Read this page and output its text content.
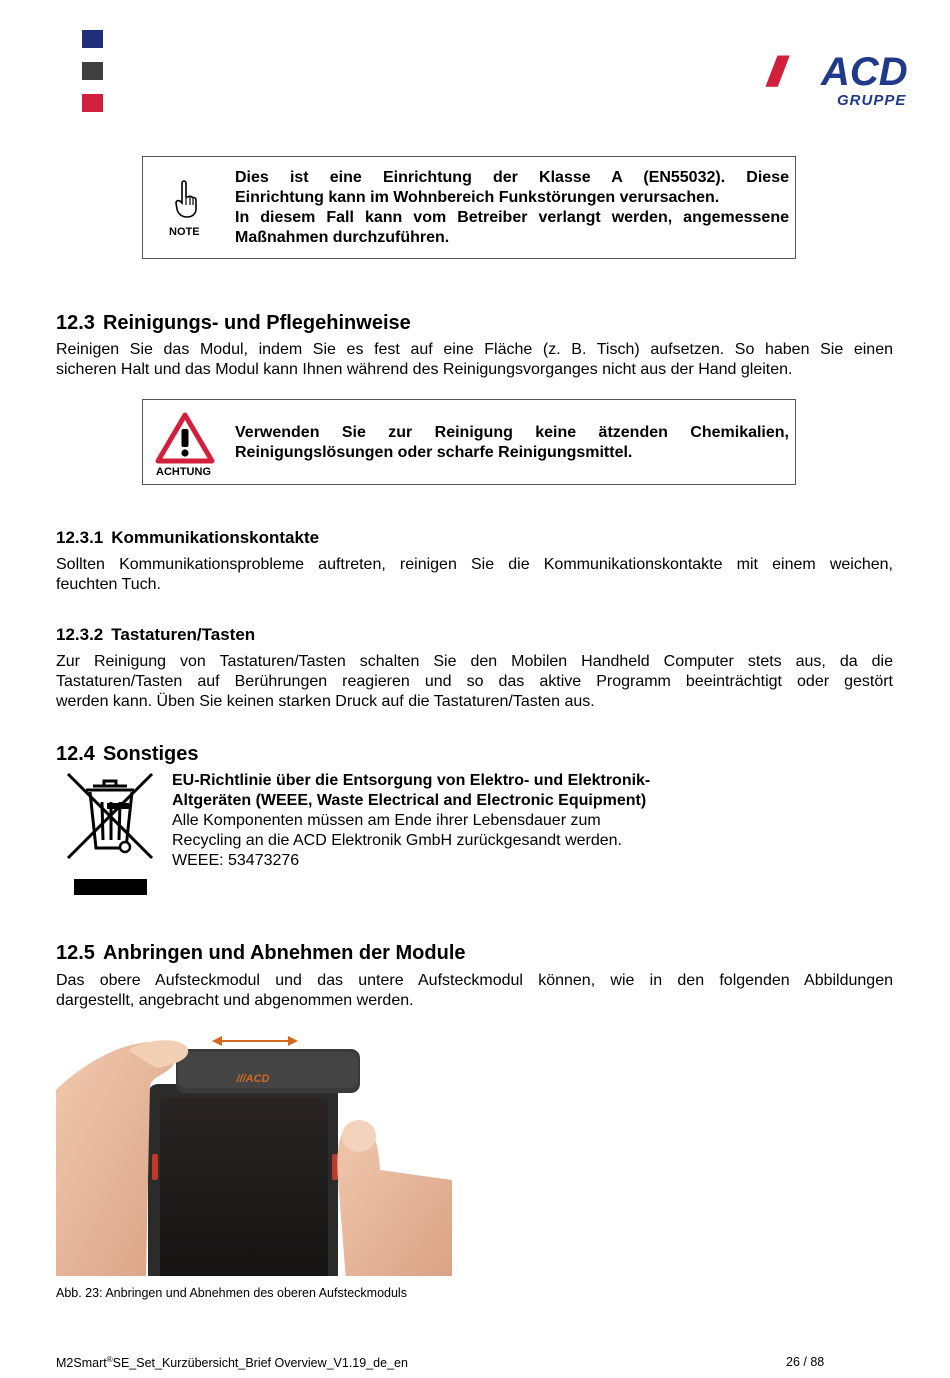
/// ACD
GRUPPE
NOTE
Dies ist eine Einrichtung der Klasse A (EN55032). Diese
Einrichtung kann im Wohnbereich Funkstörungen verursachen.
In diesem Fall kann vom Betreiber verlangt werden, angemessene
Maßnahmen durchzuführen.
12.3 Reinigungs- und Pflegehinweise
Reinigen Sie das Modul, indem Sie es fest auf eine Fläche (z. B. Tisch) aufsetzen. So haben Sie einen
sicheren Halt und das Modul kann Ihnen während des Reinigungsvorganges nicht aus der Hand gleiten.
ACHTUNG
Verwenden Sie zur Reinigung keine ätzenden Chemikalien,
Reinigungslösungen oder scharfe Reinigungsmittel.
12.3.1 Kommunikationskontakte
Sollten Kommunikationsprobleme auftreten, reinigen Sie die Kommunikationskontakte mit einem weichen,
feuchten Tuch.
12.3.2 Tastaturen/Tasten
Zur Reinigung von Tastaturen/Tasten schalten Sie den Mobilen Handheld Computer stets aus, da die
Tastaturen/Tasten auf Berührungen reagieren und so das aktive Programm beeinträchtigt oder gestört
werden kann. Üben Sie keinen starken Druck auf die Tastaturen/Tasten aus.
12.4 Sonstiges
EU-Richtlinie über die Entsorgung von Elektro- und Elektronik-
Altgeräten (WEEE, Waste Electrical and Electronic Equipment)
Alle Komponenten müssen am Ende ihrer Lebensdauer zum
Recycling an die ACD Elektronik GmbH zurückgesandt werden.
WEEE: 53473276
12.5 Anbringen und Abnehmen der Module
Das obere Aufsteckmodul und das untere Aufsteckmodul können, wie in den folgenden Abbildungen
dargestellt, angebracht und abgenommen werden.
///ACD
Abb. 23: Anbringen und Abnehmen des oberen Aufsteckmoduls
M2Smart®SE_Set_Kurzübersicht_Brief Overview_V1.19_de_en	26 / 88
